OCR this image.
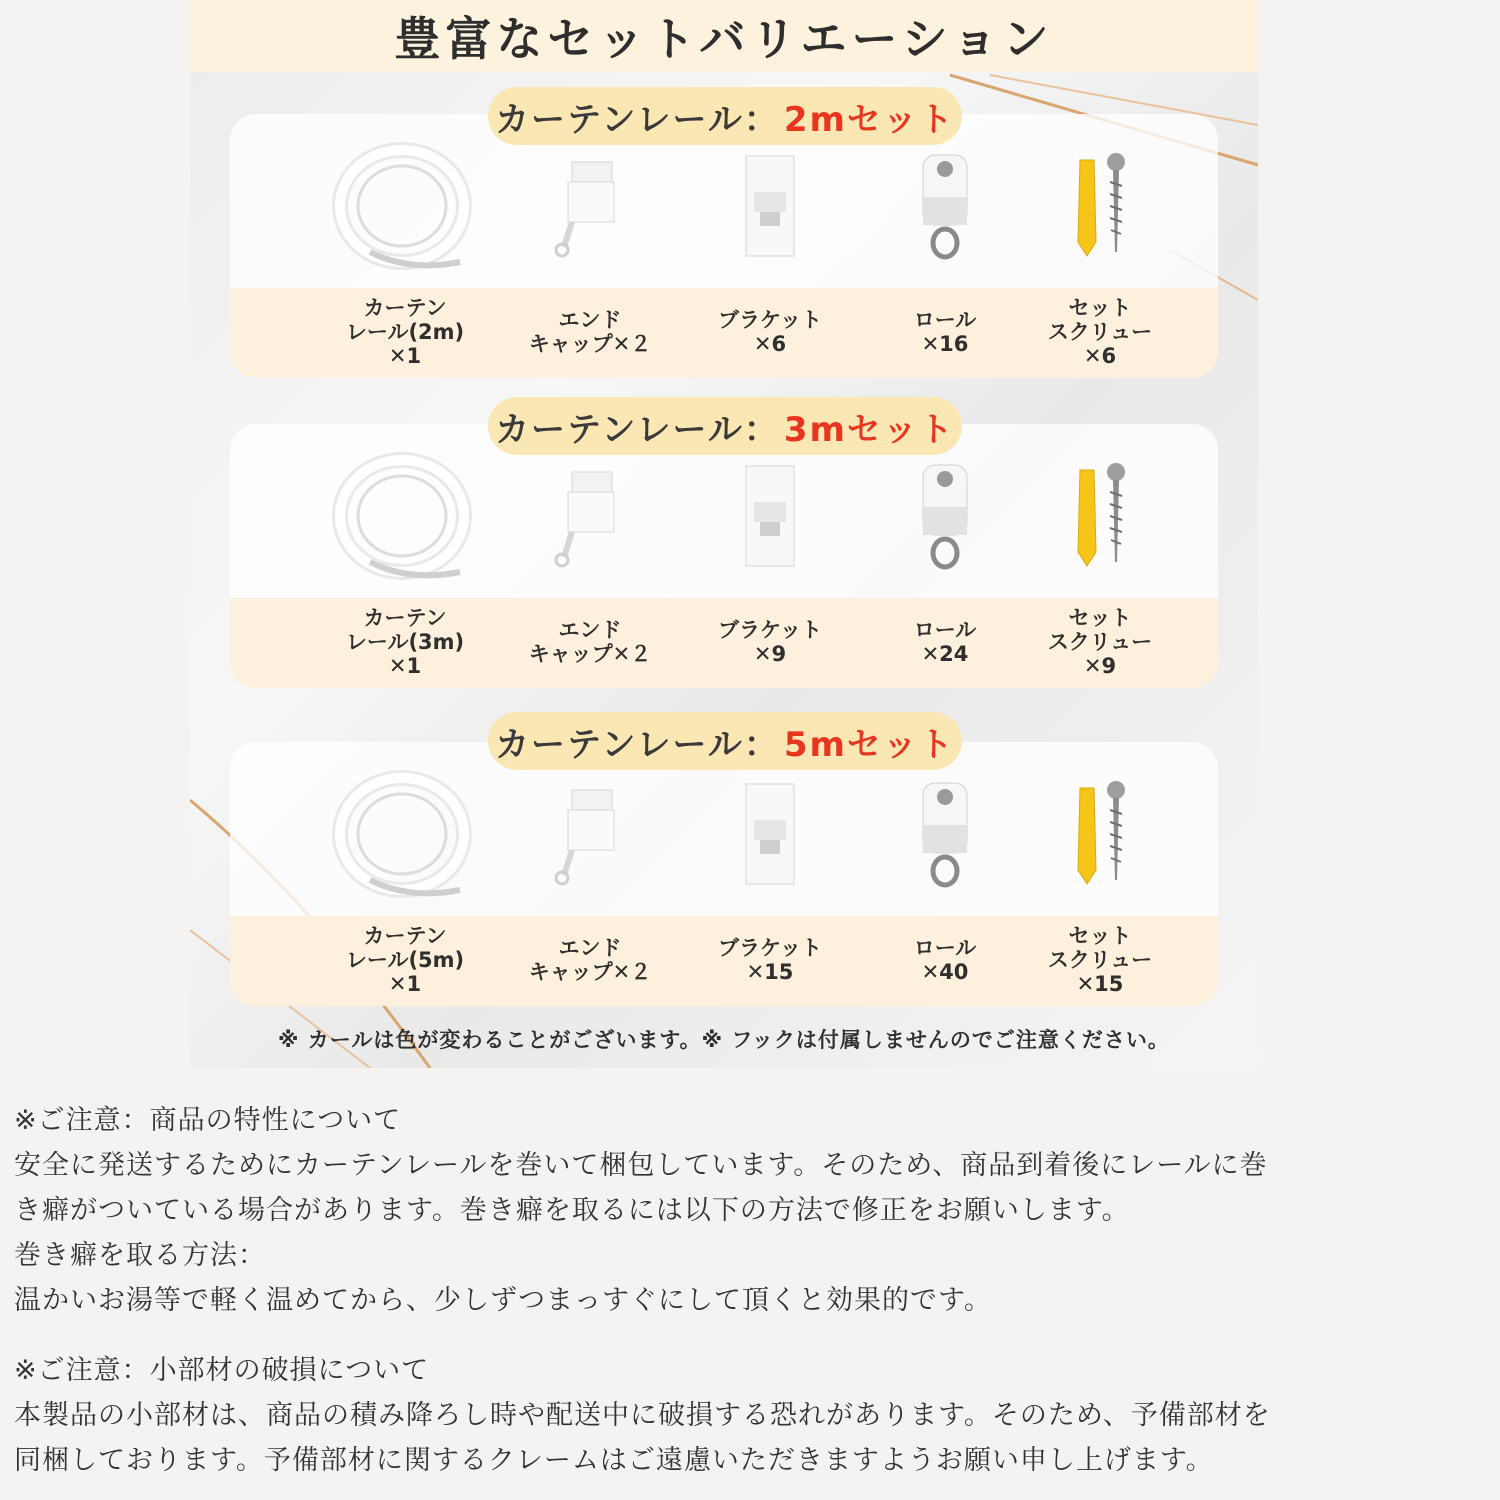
豊富なセットバリエーション
カーテンレール： 2mセット
カーテン
レール(2m)
✕1
エンド
キャップ✕２
ブラケット
✕6
ロール
✕16
セット
スクリュー
✕6
カーテンレール： 3mセット
カーテン
レール(3m)
✕1
エンド
キャップ✕２
ブラケット
✕9
ロール
✕24
セット
スクリュー
✕9
カーテンレール： 5mセット
カーテン
レール(5m)
✕1
エンド
キャップ✕２
ブラケット
✕15
ロール
✕40
セット
スクリュー
✕15
※ カールは色が変わることがございます。※ フックは付属しませんのでご注意ください。

※ご注意：商品の特性について

安全に発送するためにカーテンレールを巻いて梱包しています。そのため、商品到着後にレールに巻

き癖がついている場合があります。巻き癖を取るには以下の方法で修正をお願いします。

巻き癖を取る方法：

温かいお湯等で軽く温めてから、少しずつまっすぐにして頂くと効果的です。

※ご注意：小部材の破損について

本製品の小部材は、商品の積み降ろし時や配送中に破損する恐れがあります。そのため、予備部材を

同梱しております。予備部材に関するクレームはご遠慮いただきますようお願い申し上げます。
